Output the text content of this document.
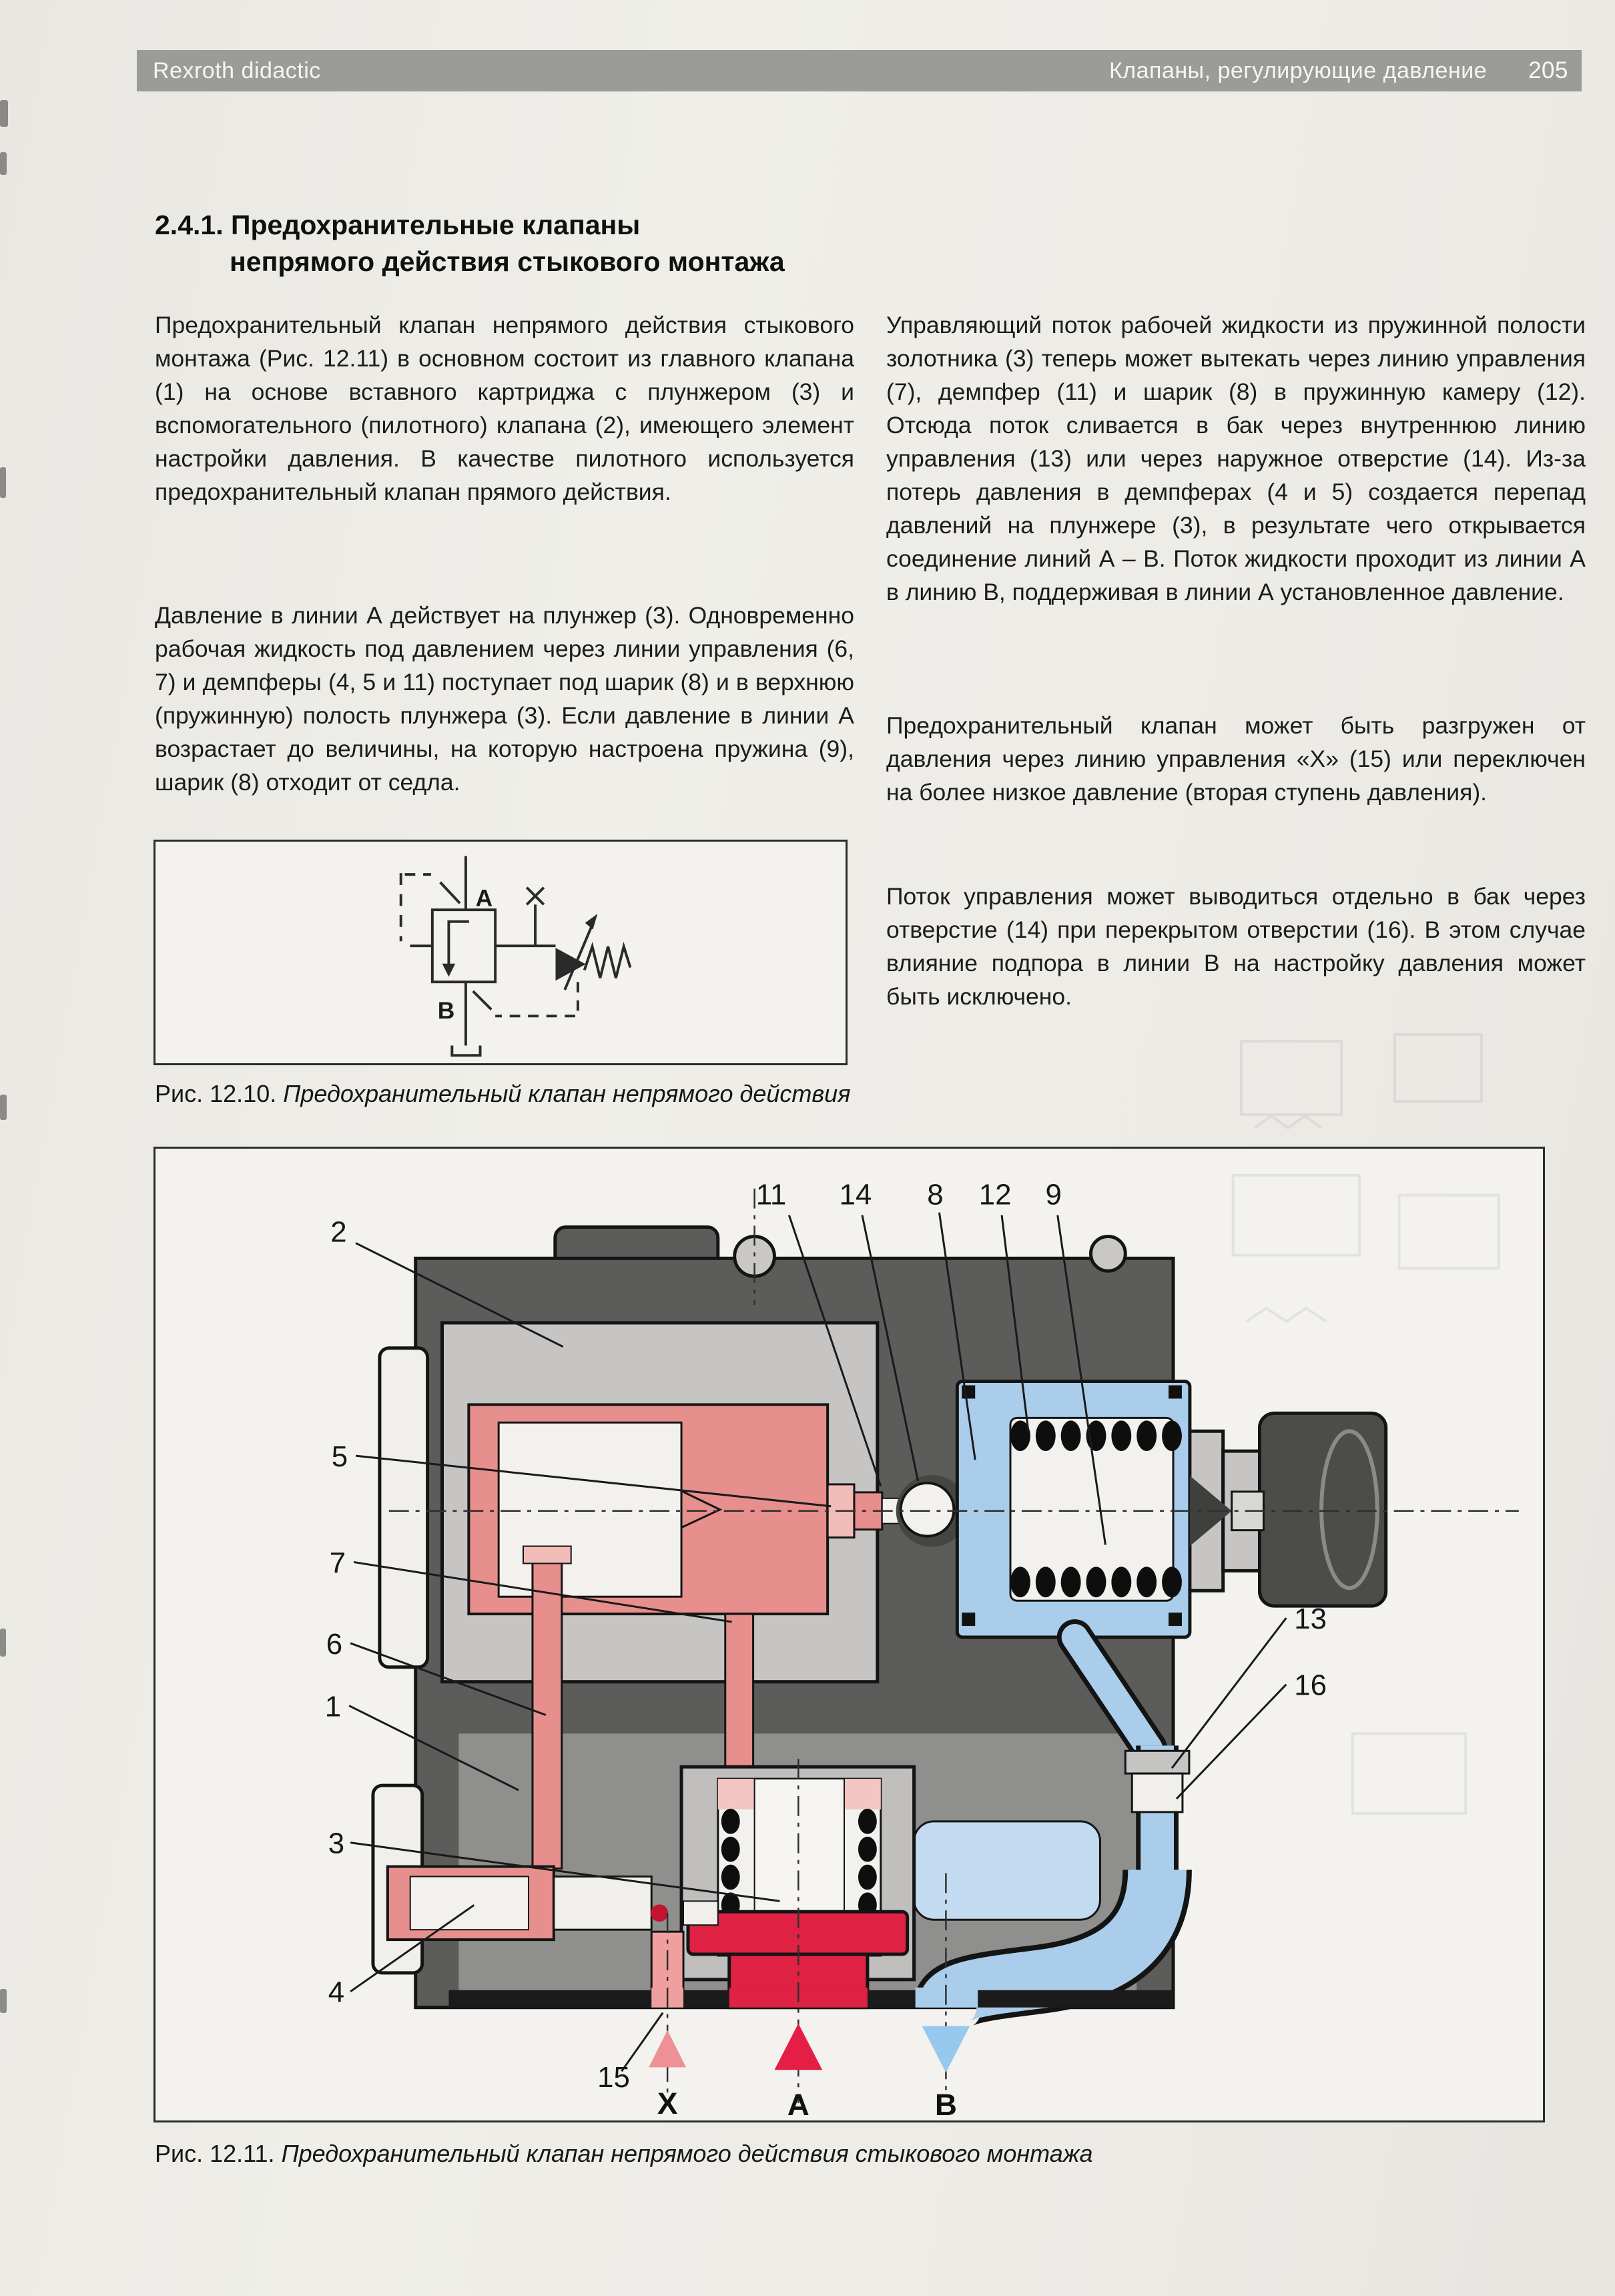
Rexroth didactic	Клапаны, регулирующие давление 205
2.4.1. Предохранительные клапаны
непрямого действия стыкового монтажа

Предохранительный клапан непрямого действия стыкового монтажа (Рис. 12.11) в основном состоит из главного клапана (1) на основе вставного картриджа с плунжером (3) и вспомогательного (пилотного) клапана (2), имеющего элемент настройки давления. В качестве пилотного используется предохранительный клапан прямого действия.

Давление в линии А действует на плунжер (3). Одновременно рабочая жидкость под давлением через линии управления (6, 7) и демпферы (4, 5 и 11) поступает под шарик (8) и в верхнюю (пружинную) полость плунжера (3). Если давление в линии А возрастает до величины, на которую настроена пружина (9), шарик (8) отходит от седла.

Управляющий поток рабочей жидкости из пружинной полости золотника (3) теперь может вытекать через линию управления (7), демпфер (11) и шарик (8) в пружинную камеру (12). Отсюда поток сливается в бак через внутреннюю линию управления (13) или через наружное отверстие (14). Из-за потерь давления в демпферах (4 и 5) создается перепад давлений на плунжере (3), в результате чего открывается соединение линий А – В. Поток жидкости проходит из линии А в линию В, поддерживая в линии А установленное давление.

Предохранительный клапан может быть разгружен от давления через линию управления «Х» (15) или переключен на более низкое давление (вторая ступень давления).

Поток управления может выводиться отдельно в бак через отверстие (14) при перекрытом отверстии (16). В этом случае влияние подпора в линии В на настройку давления может быть исключено.

A
B
Рис. 12.10. Предохранительный клапан непрямого действия
2
11 14 8 12 9
5
7
6
1
3
4
13
16
15
X	A	B
Рис. 12.11. Предохранительный клапан непрямого действия стыкового монтажа
